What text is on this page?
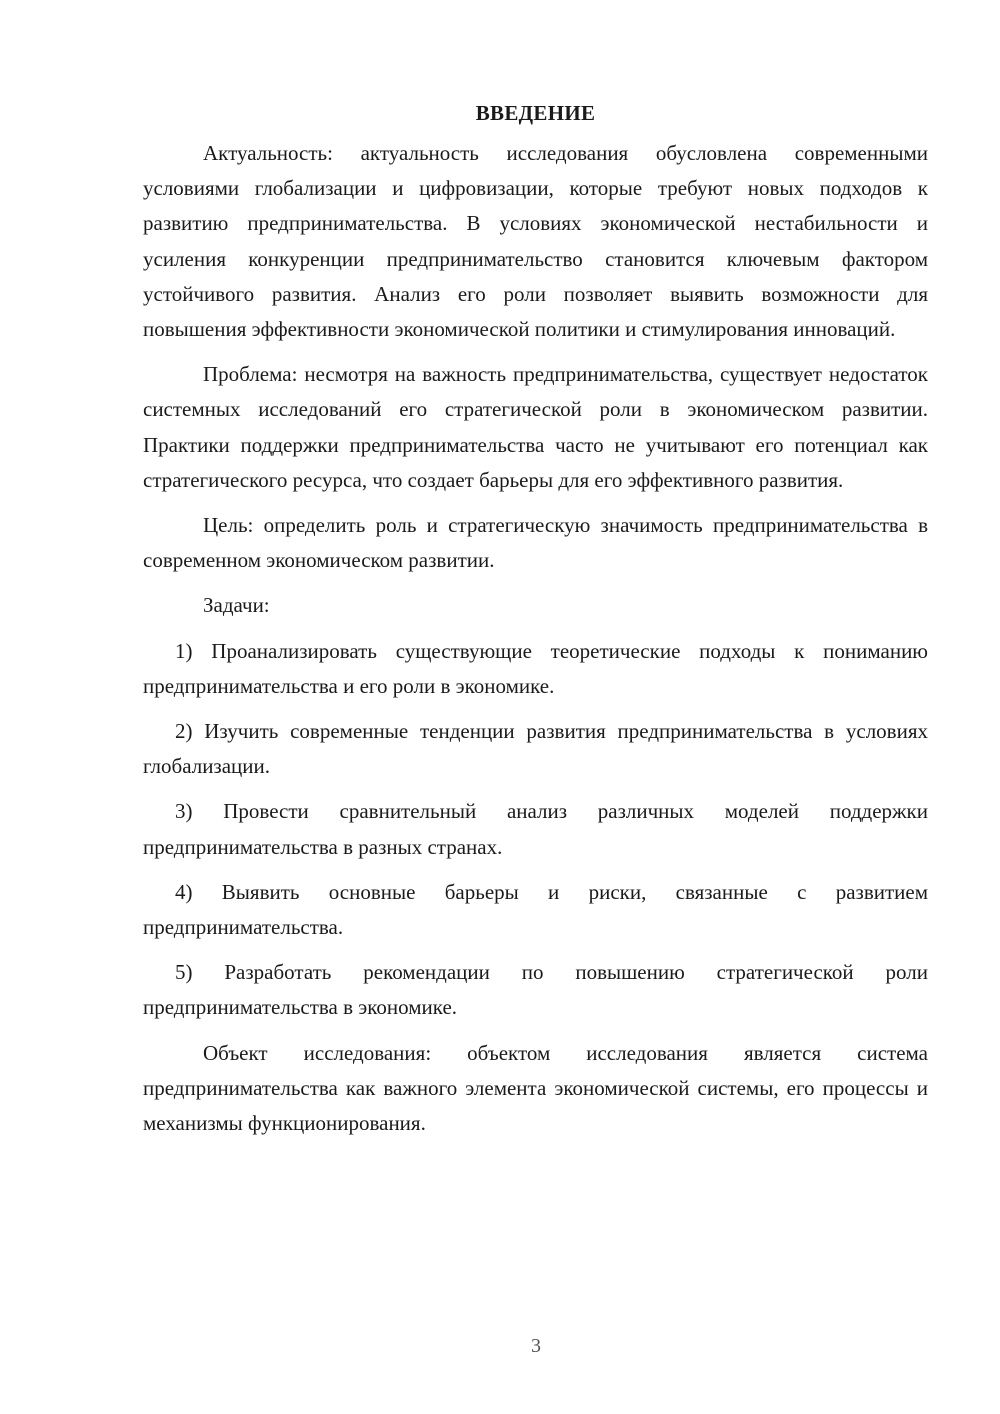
ВВЕДЕНИЕ

Актуальность: актуальность исследования обусловлена современными условиями глобализации и цифровизации, которые требуют новых подходов к развитию предпринимательства. В условиях экономической нестабильности и усиления конкуренции предпринимательство становится ключевым фактором устойчивого развития. Анализ его роли позволяет выявить возможности для повышения эффективности экономической политики и стимулирования инноваций.

Проблема: несмотря на важность предпринимательства, существует недостаток системных исследований его стратегической роли в экономическом развитии. Практики поддержки предпринимательства часто не учитывают его потенциал как стратегического ресурса, что создает барьеры для его эффективного развития.

Цель: определить роль и стратегическую значимость предпринимательства в современном экономическом развитии.

Задачи:

1) Проанализировать существующие теоретические подходы к пониманию предпринимательства и его роли в экономике.

2) Изучить современные тенденции развития предпринимательства в условиях глобализации.

3) Провести сравнительный анализ различных моделей поддержки предпринимательства в разных странах.

4) Выявить основные барьеры и риски, связанные с развитием предпринимательства.

5) Разработать рекомендации по повышению стратегической роли предпринимательства в экономике.

Объект исследования: объектом исследования является система предпринимательства как важного элемента экономической системы, его процессы и механизмы функционирования.

3
